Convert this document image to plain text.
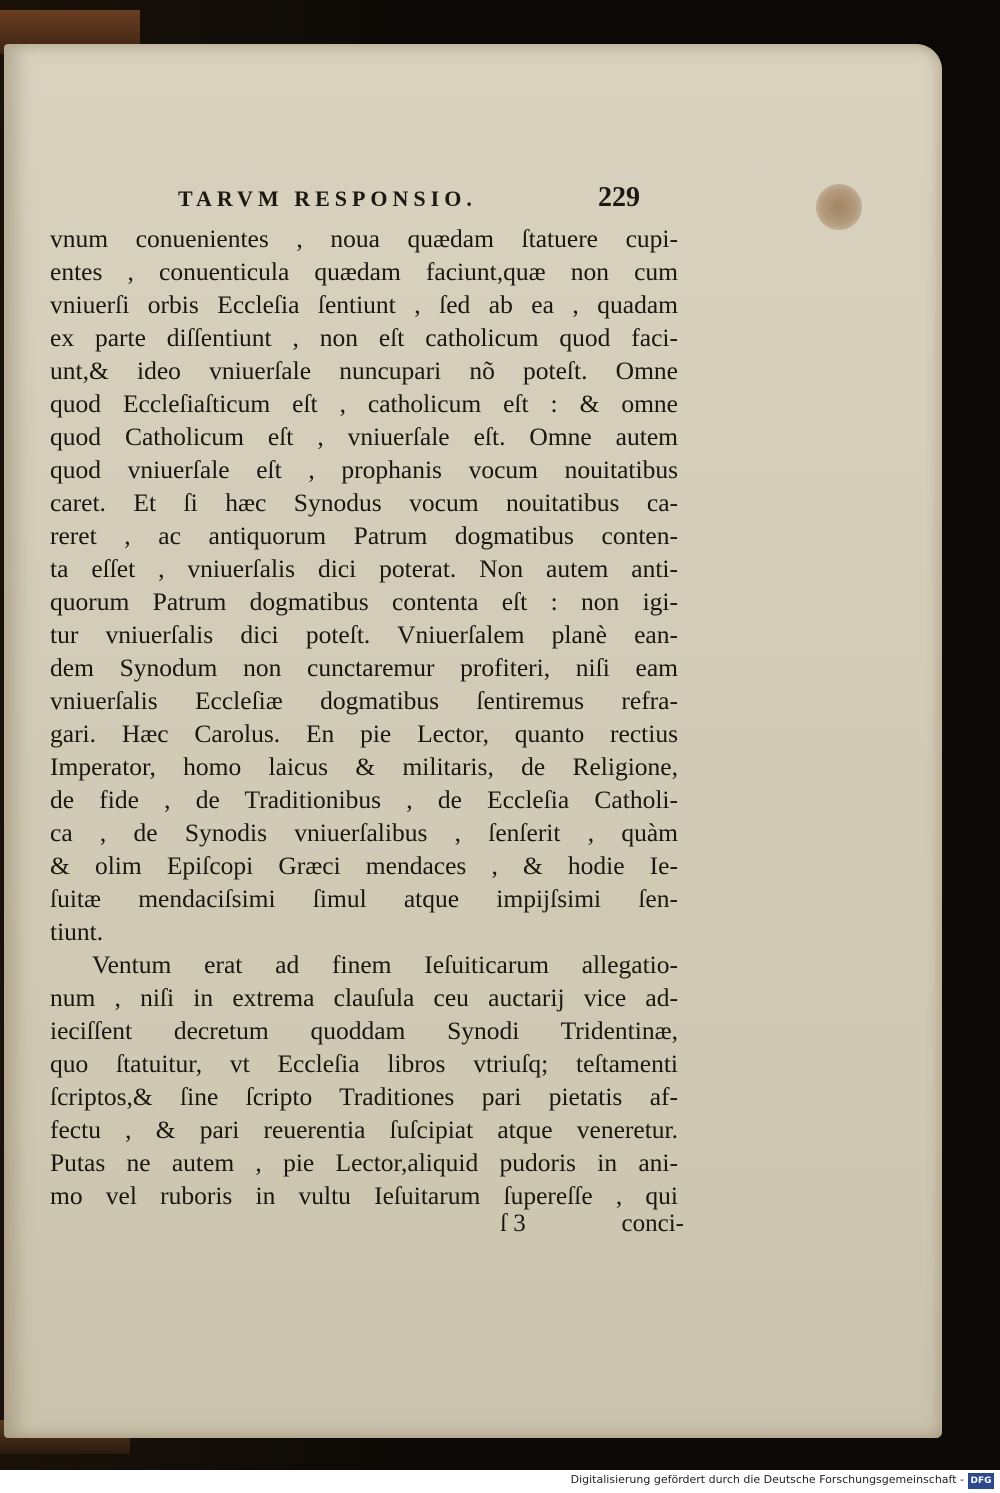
TARVM RESPONSIO.	229
vnum conuenientes , noua quædam ſtatuere cupi-
entes , conuenticula quædam faciunt,quæ non cum
vniuerſi orbis Eccleſia ſentiunt , ſed ab ea , quadam
ex parte diſſentiunt , non eſt catholicum quod faci-
unt,& ideo vniuerſale nuncupari nõ poteſt. Omne
quod Eccleſiaſticum eſt , catholicum eſt : & omne
quod Catholicum eſt , vniuerſale eſt. Omne autem
quod vniuerſale eſt , prophanis vocum nouitatibus
caret. Et ſi hæc Synodus vocum nouitatibus ca-
reret , ac antiquorum Patrum dogmatibus conten-
ta eſſet , vniuerſalis dici poterat. Non autem anti-
quorum Patrum dogmatibus contenta eſt : non igi-
tur vniuerſalis dici poteſt. Vniuerſalem planè ean-
dem Synodum non cunctaremur profiteri, niſi eam
vniuerſalis Eccleſiæ dogmatibus ſentiremus refra-
gari. Hæc Carolus. En pie Lector, quanto rectius
Imperator, homo laicus & militaris, de Religione,
de fide , de Traditionibus , de Eccleſia Catholi-
ca , de Synodis vniuerſalibus , ſenſerit , quàm
& olim Epiſcopi Græci mendaces , & hodie Ie-
ſuitæ mendaciſsimi ſimul atque impijſsimi ſen-
tiunt.
Ventum erat ad finem Ieſuiticarum allegatio-
num , niſi in extrema clauſula ceu auctarij vice ad-
ieciſſent decretum quoddam Synodi Tridentinæ,
quo ſtatuitur, vt Eccleſia libros vtriuſq; teſtamenti
ſcriptos,& ſine ſcripto Traditiones pari pietatis af-
fectu , & pari reuerentia ſuſcipiat atque veneretur.
Putas ne autem , pie Lector,aliquid pudoris in ani-
mo vel ruboris in vultu Ieſuitarum ſupereſſe , qui
ſ 3	conci-
Digitalisierung gefördert durch die Deutsche Forschungsgemeinschaft - DFG
